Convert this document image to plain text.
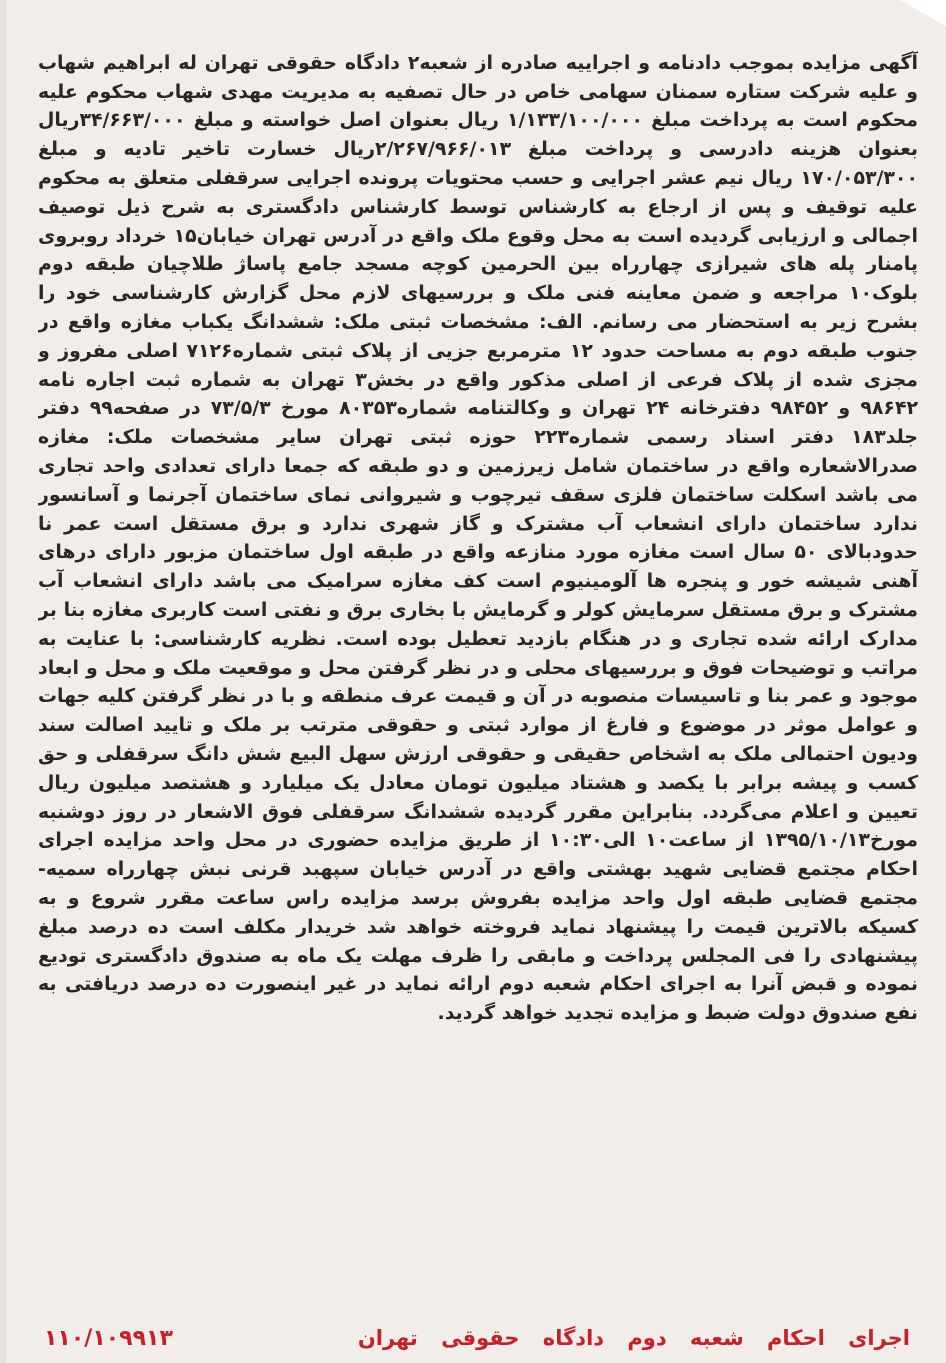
آگهی مزایده بموجب دادنامه و اجراییه صادره از شعبه۲ دادگاه حقوقی تهران له ابراهیم شهاب و علیه شرکت ستاره سمنان سهامی خاص در حال تصفیه به مدیریت مهدی شهاب محکوم علیه محکوم است به پرداخت مبلغ ۱/۱۳۳/۱۰۰/۰۰۰ ریال بعنوان اصل خواسته و مبلغ ۳۴/۶۶۳/۰۰۰ریال بعنوان هزینه دادرسی و پرداخت مبلغ ۲/۲۶۷/۹۶۶/۰۱۳ریال خسارت تاخیر تادیه و مبلغ ۱۷۰/۰۵۳/۳۰۰ ریال نیم عشر اجرایی و حسب محتویات پرونده اجرایی سرقفلی متعلق به محکوم علیه توقیف و پس از ارجاع به کارشناس توسط کارشناس دادگستری به شرح ذیل توصیف اجمالی و ارزیابی گردیده است به محل وقوع ملک واقع در آدرس تهران خیابان۱۵ خرداد روبروی پامنار پله های شیرازی چهارراه بین الحرمین کوچه مسجد جامع پاساژ طلاچیان طبقه دوم بلوک۱۰ مراجعه و ضمن معاینه فنی ملک و بررسیهای لازم محل گزارش کارشناسی خود را بشرح زیر به استحضار می رسانم. الف: مشخصات ثبتی ملک: ششدانگ یکباب مغازه واقع در جنوب طبقه دوم به مساحت حدود ۱۲ مترمربع جزیی از پلاک ثبتی شماره۷۱۲۶ اصلی مفروز و مجزی شده از پلاک فرعی از اصلی مذکور واقع در بخش۳ تهران به شماره ثبت اجاره نامه ۹۸۶۴۲ و ۹۸۴۵۲ دفترخانه ۲۴ تهران و وکالتنامه شماره۸۰۳۵۳ مورخ ۷۳/۵/۳ در صفحه۹۹ دفتر جلد۱۸۳ دفتر اسناد رسمی شماره۲۲۳ حوزه ثبتی تهران سایر مشخصات ملک: مغازه صدرالاشعاره واقع در ساختمان شامل زیرزمین و دو طبقه که جمعا دارای تعدادی واحد تجاری می باشد اسکلت ساختمان فلزی سقف تیرچوب و شیروانی نمای ساختمان آجرنما و آسانسور ندارد ساختمان دارای انشعاب آب مشترک و گاز شهری ندارد و برق مستقل است عمر نا حدودبالای ۵۰ سال است مغازه مورد منازعه واقع در طبقه اول ساختمان مزبور دارای درهای آهنی شیشه خور و پنجره ها آلومینیوم است کف مغازه سرامیک می باشد دارای انشعاب آب مشترک و برق مستقل سرمایش کولر و گرمایش با بخاری برق و نفتی است کاربری مغازه بنا بر مدارک ارائه شده تجاری و در هنگام بازدید تعطیل بوده است. نظریه کارشناسی: با عنایت به مراتب و توضیحات فوق و بررسیهای محلی و در نظر گرفتن محل و موقعیت ملک و محل و ابعاد موجود و عمر بنا و تاسیسات منصوبه در آن و قیمت عرف منطقه و با در نظر گرفتن کلیه جهات و عوامل موثر در موضوع و فارغ از موارد ثبتی و حقوقی مترتب بر ملک و تایید اصالت سند ودیون احتمالی ملک به اشخاص حقیقی و حقوقی ارزش سهل البیع شش دانگ سرقفلی و حق کسب و پیشه برابر با یکصد و هشتاد میلیون تومان معادل یک میلیارد و هشتصد میلیون ریال تعیین و اعلام می‌گردد. بنابراین مقرر گردیده ششدانگ سرقفلی فوق الاشعار در روز دوشنبه مورخ۱۳۹۵/۱۰/۱۳ از ساعت۱۰ الی۱۰:۳۰ از طریق مزایده حضوری در محل واحد مزایده اجرای احکام مجتمع قضایی شهید بهشتی واقع در آدرس خیابان سپهبد قرنی نبش چهارراه سمیه- مجتمع قضایی طبقه اول واحد مزایده بفروش برسد مزایده راس ساعت مقرر شروع و به کسیکه بالاترین قیمت را پیشنهاد نماید فروخته خواهد شد خریدار مکلف است ده درصد مبلغ پیشنهادی را فی المجلس پرداخت و مابقی را ظرف مهلت یک ماه به صندوق دادگستری تودیع نموده و قبض آنرا به اجرای احکام شعبه دوم ارائه نماید در غیر اینصورت ده درصد دریافتی به نفع صندوق دولت ضبط و مزایده تجدید خواهد گردید.

اجرای احکام شعبه دوم دادگاه حقوقی تهران
۱۱۰/۱۰۹۹۱۳
